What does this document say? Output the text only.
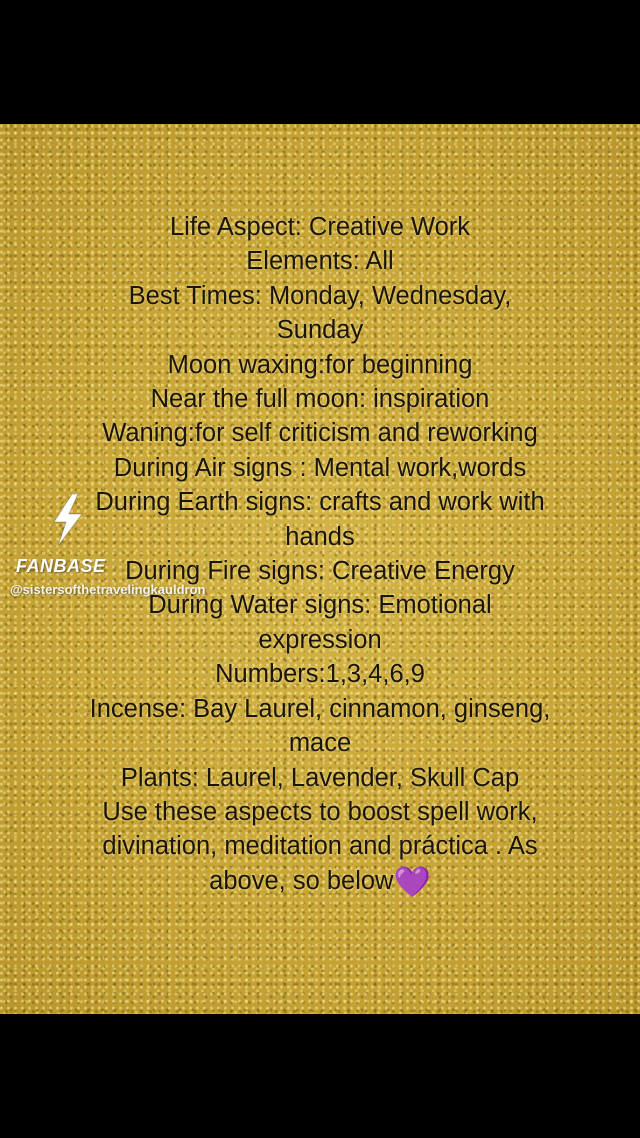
Life Aspect: Creative Work
Elements: All
Best Times: Monday, Wednesday,
Sunday
Moon waxing:for beginning
Near the full moon: inspiration
Waning:for self criticism and reworking
During Air signs : Mental work,words
During Earth signs: crafts and work with
hands
During Fire signs: Creative Energy
During Water signs: Emotional
expression
Numbers:1,3,4,6,9
Incense: Bay Laurel, cinnamon, ginseng,
mace
Plants: Laurel, Lavender, Skull Cap
Use these aspects to boost spell work,
divination, meditation and práctica . As
above, so below💜
FANBASE
@sistersofthetravelingkauldron
